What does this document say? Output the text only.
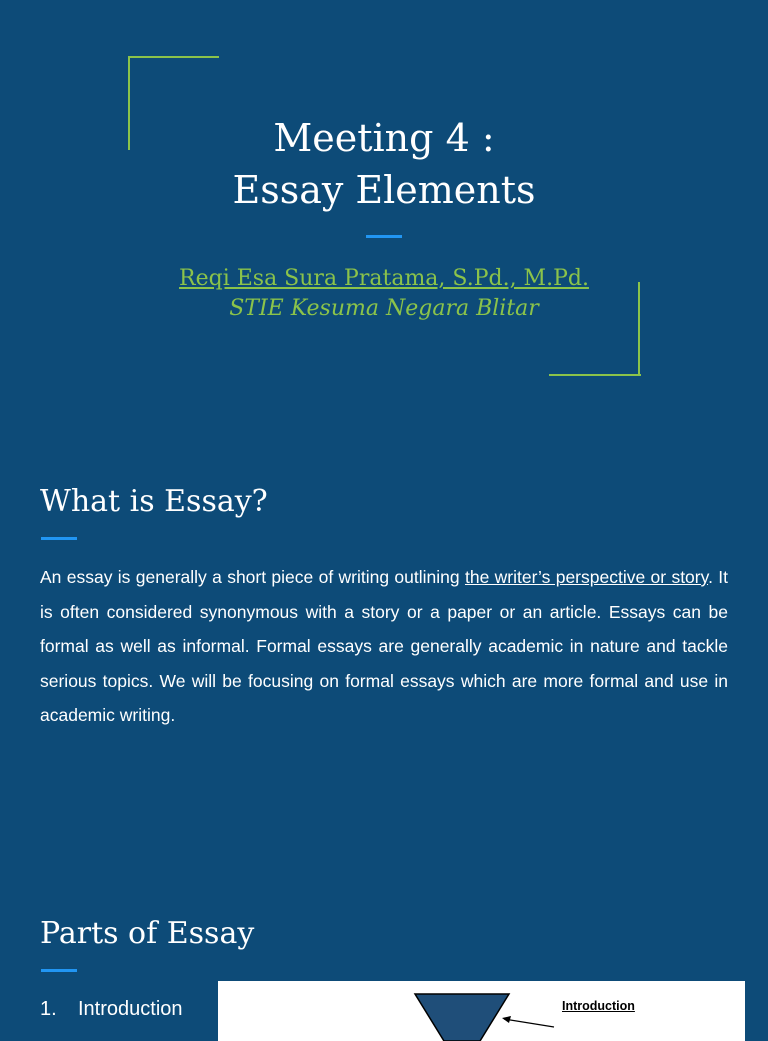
Meeting 4 :
Essay Elements
Reqi Esa Sura Pratama, S.Pd., M.Pd.
STIE Kesuma Negara Blitar
What is Essay?
An essay is generally a short piece of writing outlining the writer’s perspective or story. It is often considered synonymous with a story or a paper or an article. Essays can be formal as well as informal. Formal essays are generally academic in nature and tackle serious topics. We will be focusing on formal essays which are more formal and use in academic writing.
Parts of Essay
1. Introduction	Introduction
